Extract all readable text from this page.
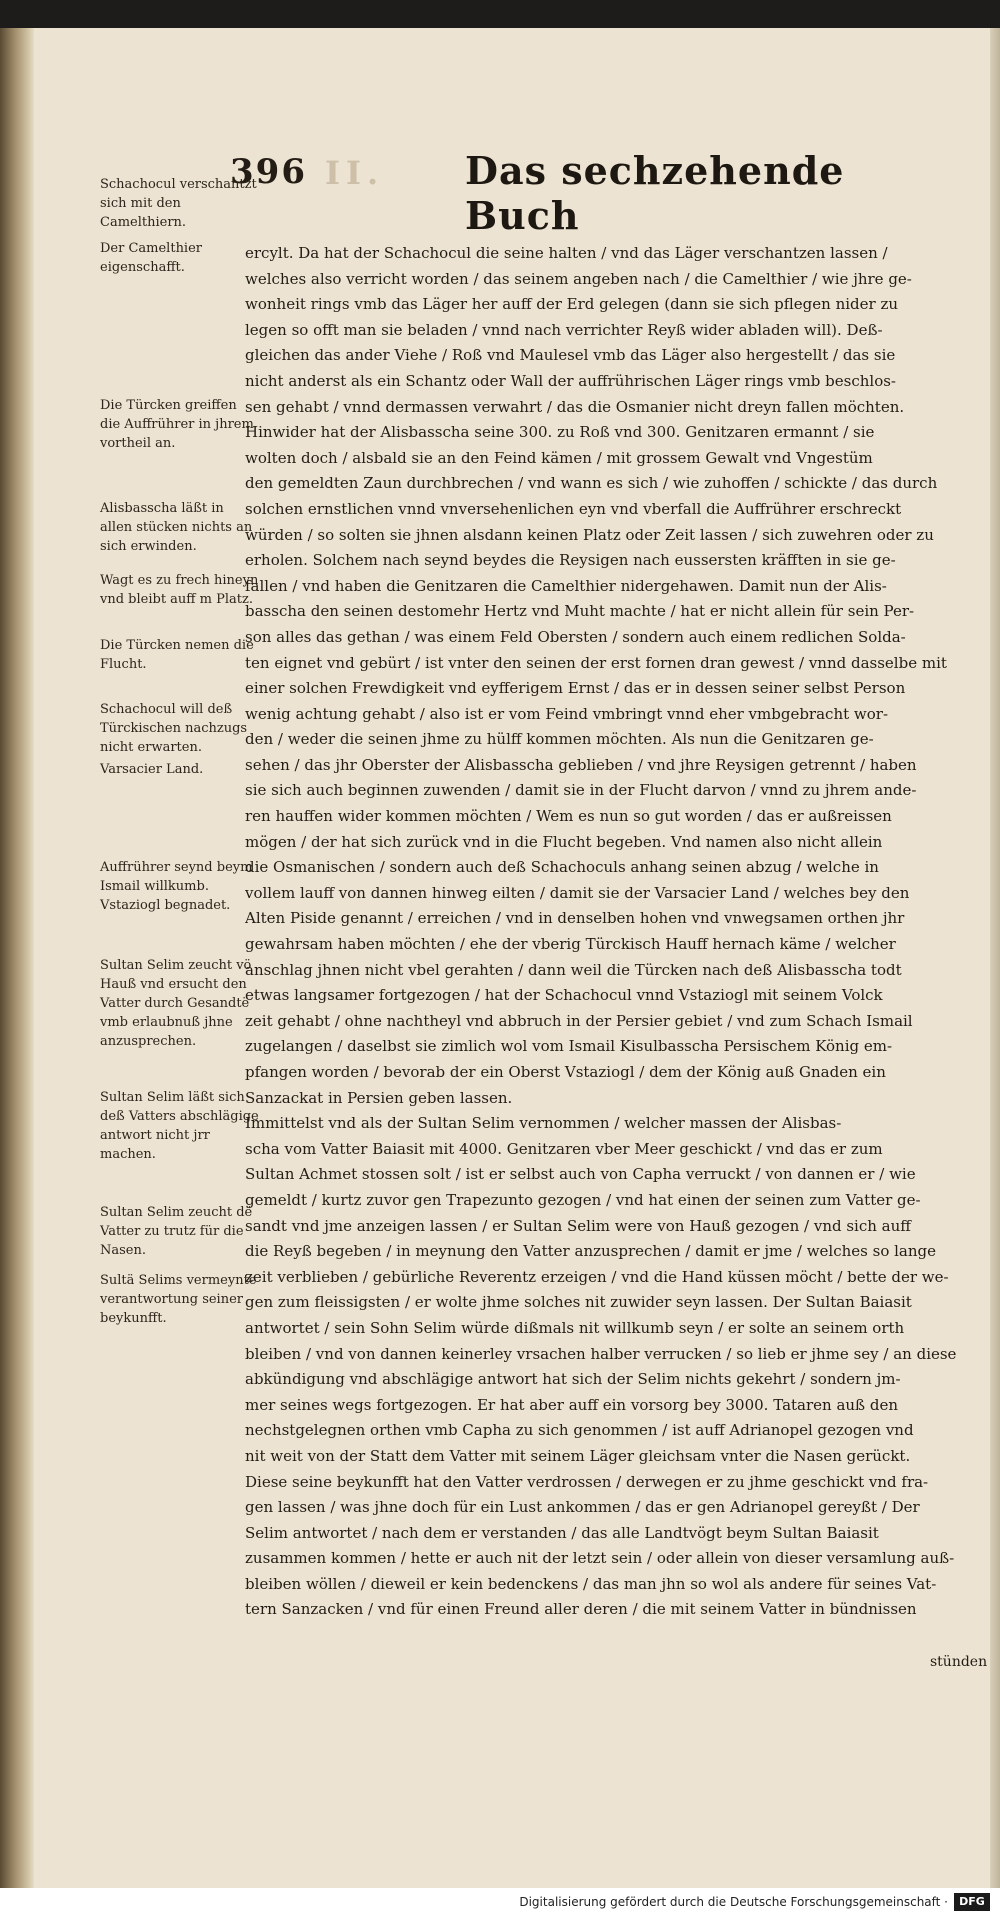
396 II. Das sechzehende Buch

Schachocul verschantzt sich mit den Camelthiern.

Der Camelthier eigenschafft.

Die Türcken greiffen die Auffrührer in jhrem vortheil an.

Alisbasscha läßt in allen stücken nichts an sich erwinden.

Wagt es zu frech hineyn vnd bleibt auff m Platz.

Die Türcken nemen die Flucht.

Schachocul will deß Türckischen nachzugs nicht erwarten.

Varsacier Land.

Auffrührer seynd beym Ismail willkumb. Vstaziogl begnadet.

Sultan Selim zeucht vö Hauß vnd ersucht den Vatter durch Gesandtë vmb erlaubnuß jhne anzusprechen.

Sultan Selim läßt sich deß Vatters abschlägige antwort nicht jrr machen.

Sultan Selim zeucht dë Vatter zu trutz für die Nasen.

Sultä Selims vermeynte verantwortung seiner beykunfft.

ercylt. Da hat der Schachocul die seine halten / vnd das Läger verschantzen lassen /
welches also verricht worden / das seinem angeben nach / die Camelthier / wie jhre ge-
wonheit rings vmb das Läger her auff der Erd gelegen (dann sie sich pflegen nider zu
legen so offt man sie beladen / vnnd nach verrichter Reyß wider abladen will). Deß-
gleichen das ander Viehe / Roß vnd Maulesel vmb das Läger also hergestellt / das sie
nicht anderst als ein Schantz oder Wall der auffrührischen Läger rings vmb beschlos-
sen gehabt / vnnd dermassen verwahrt / das die Osmanier nicht dreyn fallen möchten.
Hinwider hat der Alisbasscha seine 300. zu Roß vnd 300. Genitzaren ermannt / sie
wolten doch / alsbald sie an den Feind kämen / mit grossem Gewalt vnd Vngestüm
den gemeldten Zaun durchbrechen / vnd wann es sich / wie zuhoffen / schickte / das durch
solchen ernstlichen vnnd vnversehenlichen eyn vnd vberfall die Auffrührer erschreckt
würden / so solten sie jhnen alsdann keinen Platz oder Zeit lassen / sich zuwehren oder zu
erholen. Solchem nach seynd beydes die Reysigen nach eussersten kräfften in sie ge-
fallen / vnd haben die Genitzaren die Camelthier nidergehawen. Damit nun der Alis-
basscha den seinen destomehr Hertz vnd Muht machte / hat er nicht allein für sein Per-
son alles das gethan / was einem Feld Obersten / sondern auch einem redlichen Solda-
ten eignet vnd gebürt / ist vnter den seinen der erst fornen dran gewest / vnnd dasselbe mit
einer solchen Frewdigkeit vnd eyfferigem Ernst / das er in dessen seiner selbst Person
wenig achtung gehabt / also ist er vom Feind vmbringt vnnd eher vmbgebracht wor-
den / weder die seinen jhme zu hülff kommen möchten. Als nun die Genitzaren ge-
sehen / das jhr Oberster der Alisbasscha geblieben / vnd jhre Reysigen getrennt / haben
sie sich auch beginnen zuwenden / damit sie in der Flucht darvon / vnnd zu jhrem ande-
ren hauffen wider kommen möchten / Wem es nun so gut worden / das er außreissen
mögen / der hat sich zurück vnd in die Flucht begeben. Vnd namen also nicht allein
die Osmanischen / sondern auch deß Schachoculs anhang seinen abzug / welche in
vollem lauff von dannen hinweg eilten / damit sie der Varsacier Land / welches bey den
Alten Piside genannt / erreichen / vnd in denselben hohen vnd vnwegsamen orthen jhr
gewahrsam haben möchten / ehe der vberig Türckisch Hauff hernach käme / welcher
anschlag jhnen nicht vbel gerahten / dann weil die Türcken nach deß Alisbasscha todt
etwas langsamer fortgezogen / hat der Schachocul vnnd Vstaziogl mit seinem Volck
zeit gehabt / ohne nachtheyl vnd abbruch in der Persier gebiet / vnd zum Schach Ismail
zugelangen / daselbst sie zimlich wol vom Ismail Kisulbasscha Persischem König em-
pfangen worden / bevorab der ein Oberst Vstaziogl / dem der König auß Gnaden ein
Sanzackat in Persien geben lassen.
Immittelst vnd als der Sultan Selim vernommen / welcher massen der Alisbas-
scha vom Vatter Baiasit mit 4000. Genitzaren vber Meer geschickt / vnd das er zum
Sultan Achmet stossen solt / ist er selbst auch von Capha verruckt / von dannen er / wie
gemeldt / kurtz zuvor gen Trapezunto gezogen / vnd hat einen der seinen zum Vatter ge-
sandt vnd jme anzeigen lassen / er Sultan Selim were von Hauß gezogen / vnd sich auff
die Reyß begeben / in meynung den Vatter anzusprechen / damit er jme / welches so lange
zeit verblieben / gebürliche Reverentz erzeigen / vnd die Hand küssen möcht / bette der we-
gen zum fleissigsten / er wolte jhme solches nit zuwider seyn lassen. Der Sultan Baiasit
antwortet / sein Sohn Selim würde dißmals nit willkumb seyn / er solte an seinem orth
bleiben / vnd von dannen keinerley vrsachen halber verrucken / so lieb er jhme sey / an diese
abkündigung vnd abschlägige antwort hat sich der Selim nichts gekehrt / sondern jm-
mer seines wegs fortgezogen. Er hat aber auff ein vorsorg bey 3000. Tataren auß den
nechstgelegnen orthen vmb Capha zu sich genommen / ist auff Adrianopel gezogen vnd
nit weit von der Statt dem Vatter mit seinem Läger gleichsam vnter die Nasen gerückt.
Diese seine beykunfft hat den Vatter verdrossen / derwegen er zu jhme geschickt vnd fra-
gen lassen / was jhne doch für ein Lust ankommen / das er gen Adrianopel gereyßt / Der
Selim antwortet / nach dem er verstanden / das alle Landtvögt beym Sultan Baiasit
zusammen kommen / hette er auch nit der letzt sein / oder allein von dieser versamlung auß-
bleiben wöllen / dieweil er kein bedenckens / das man jhn so wol als andere für seines Vat-
tern Sanzacken / vnd für einen Freund aller deren / die mit seinem Vatter in bündnissen
stünden
Digitalisierung gefördert durch die Deutsche Forschungsgemeinschaft ·	DFG
